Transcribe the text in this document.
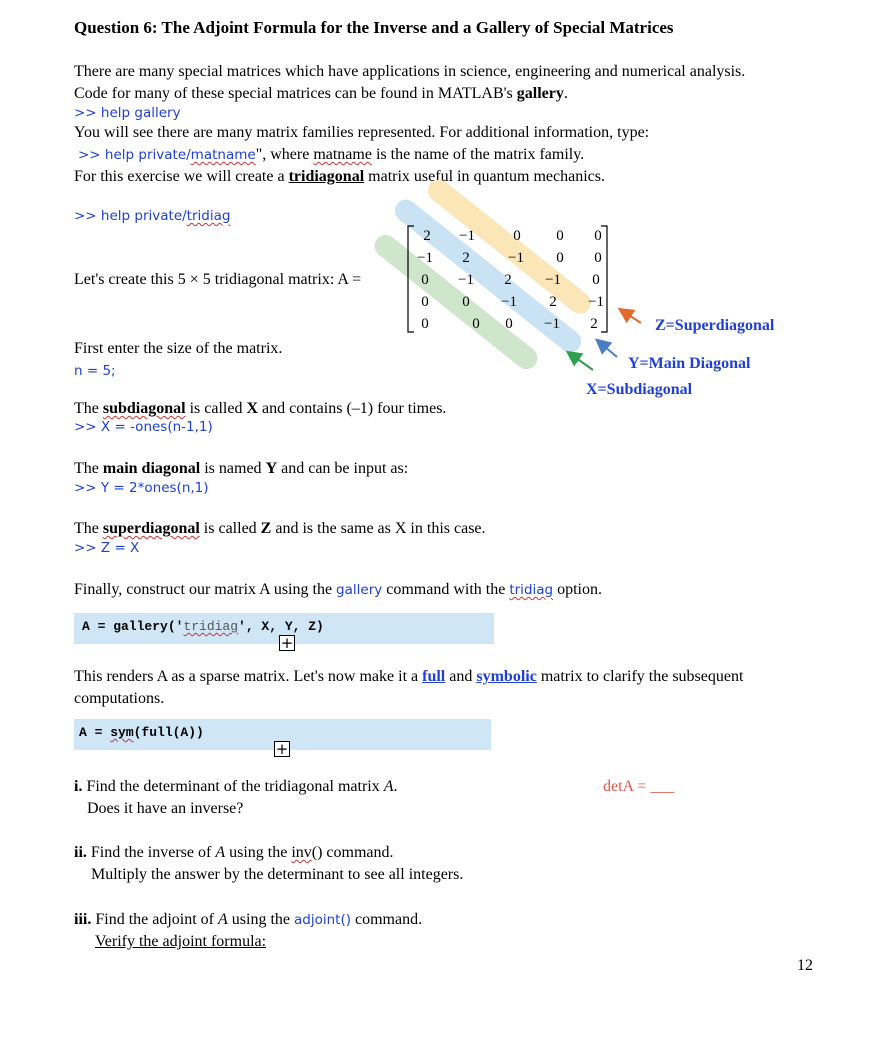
Question 6: The Adjoint Formula for the Inverse and a Gallery of Special Matrices
There are many special matrices which have applications in science, engineering and numerical analysis.
Code for many of these special matrices can be found in MATLAB's gallery.
>> help gallery
You will see there are many matrix families represented. For additional information, type:
>> help private/matname", where matname is the name of the matrix family.
For this exercise we will create a tridiagonal matrix useful in quantum mechanics.
>> help private/tridiag
Let's create this 5 × 5 tridiagonal matrix: A =
2	−1	0	0	0
−1	2	−1	0	0
0	−1	2	−1	0
0	0	−1	2	−1
0	0	0	−1	2	Z=Superdiagonal
Y=Main Diagonal
X=Subdiagonal
First enter the size of the matrix.
n = 5;
The subdiagonal is called X and contains (–1) four times.
>> X = -ones(n-1,1)
The main diagonal is named Y and can be input as:
>> Y = 2*ones(n,1)
The superdiagonal is called Z and is the same as X in this case.
>> Z = X
Finally, construct our matrix A using the gallery command with the tridiag option.
A = gallery('tridiag', X, Y, Z)
+
This renders A as a sparse matrix. Let's now make it a full and symbolic matrix to clarify the subsequent
computations.
A = sym(full(A))
+
i. Find the determinant of the tridiagonal matrix A.
Does it have an inverse?
detA = ___
ii. Find the inverse of A using the inv() command.
Multiply the answer by the determinant to see all integers.
iii. Find the adjoint of A using the adjoint() command.
Verify the adjoint formula:
12
